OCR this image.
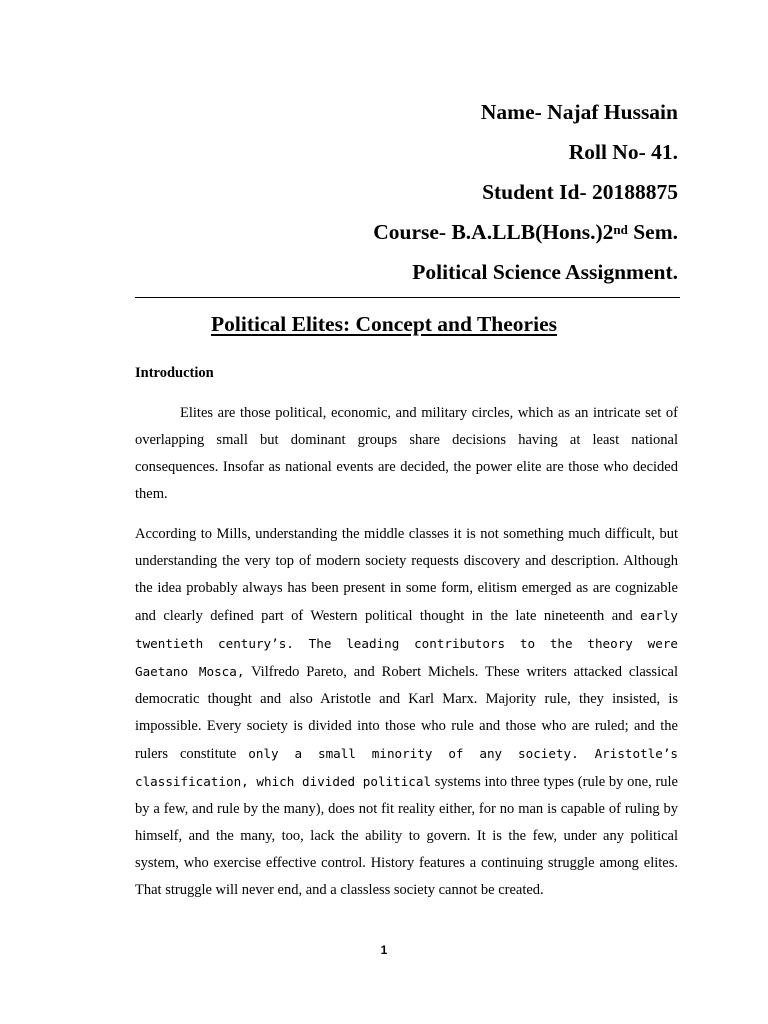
Name- Najaf Hussain
Roll No- 41.
Student Id- 20188875
Course- B.A.LLB(Hons.)2nd Sem.
Political Science Assignment.
Political Elites: Concept and Theories
Introduction

Elites are those political, economic, and military circles, which as an intricate set of overlapping small but dominant groups share decisions having at least national consequences. Insofar as national events are decided, the power elite are those who decided them.

According to Mills, understanding the middle classes it is not something much difficult, but understanding the very top of modern society requests discovery and description. Although the idea probably always has been present in some form, elitism emerged as are cognizable and clearly defined part of Western political thought in the late nineteenth and early twentieth century’s. The leading contributors to the theory were Gaetano Mosca, Vilfredo Pareto, and Robert Michels. These writers attacked classical democratic thought and also Aristotle and Karl Marx. Majority rule, they insisted, is impossible. Every society is divided into those who rule and those who are ruled; and the rulers constitute only a small minority of any society. Aristotle’s classification, which divided political systems into three types (rule by one, rule by a few, and rule by the many), does not fit reality either, for no man is capable of ruling by himself, and the many, too, lack the ability to govern. It is the few, under any political system, who exercise effective control. History features a continuing struggle among elites. That struggle will never end, and a classless society cannot be created.

1
